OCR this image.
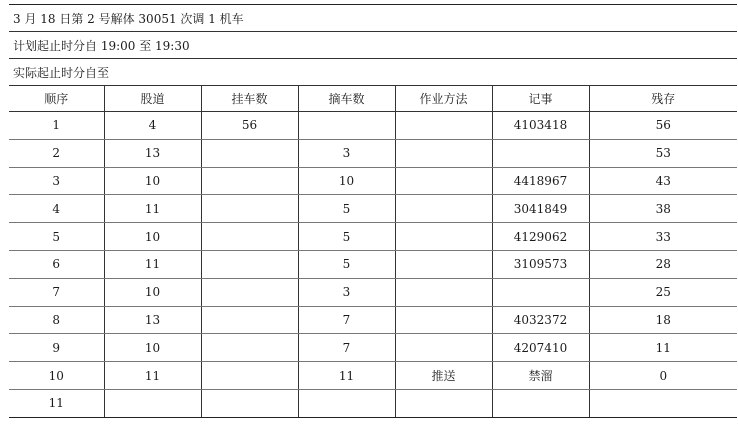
3 月 18 日第 2 号解体 30051 次调 1 机车						
计划起止时分自 19:00 至 19:30						
实际起止时分自至						
顺序	股道	挂车数	摘车数	作业方法	记事	残存
1	4	56			4103418	56
2	13		3			53
3	10		10		4418967	43
4	11		5		3041849	38
5	10		5		4129062	33
6	11		5		3109573	28
7	10		3			25
8	13		7		4032372	18
9	10		7		4207410	11
10	11		11	推送	禁溜	0
11						
